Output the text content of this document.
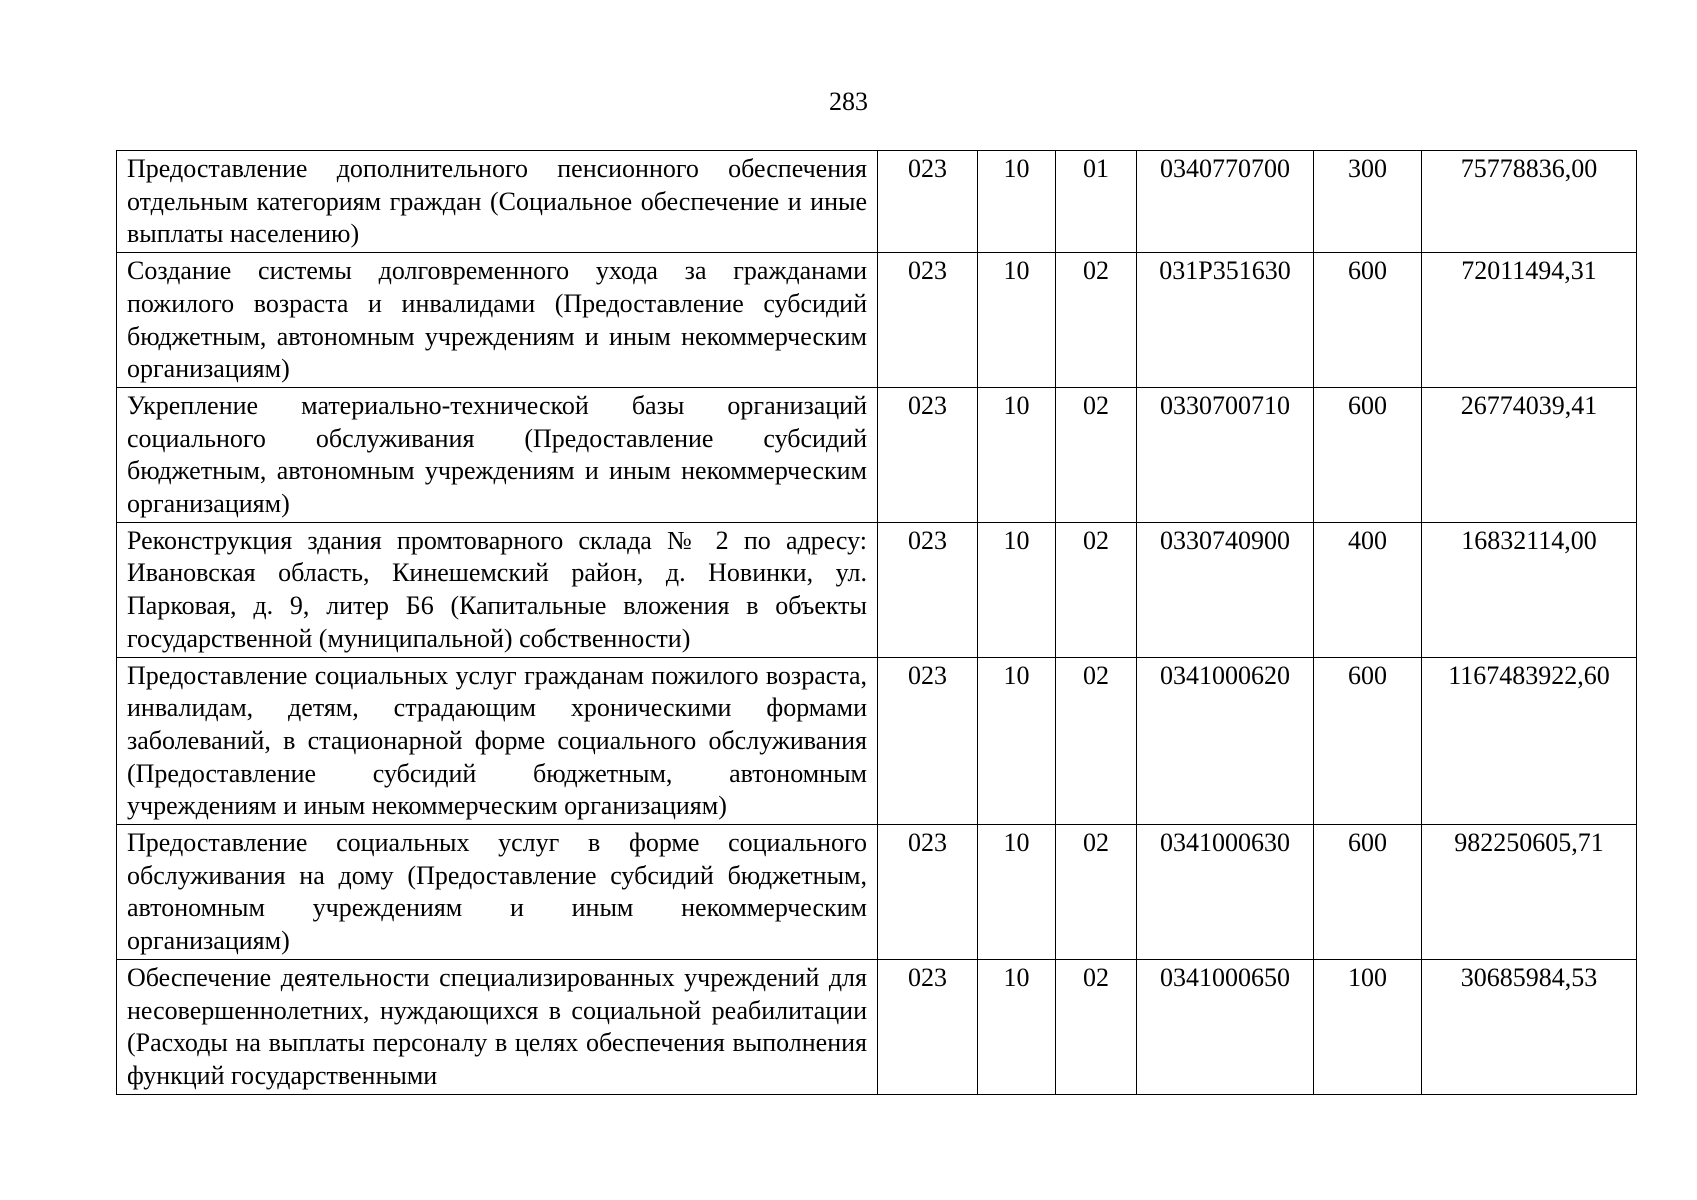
283
Предоставление дополнительного пенсионного обеспечения отдельным категориям граждан (Социальное обеспечение и иные выплаты населению)	023	10	01	0340770700	300	75778836,00
Создание системы долговременного ухода за гражданами пожилого возраста и инвалидами (Предоставление субсидий бюджетным, автономным учреждениям и иным некоммерческим организациям)	023	10	02	031P351630	600	72011494,31
Укрепление материально-технической базы организаций социального обслуживания (Предоставление субсидий бюджетным, автономным учреждениям и иным некоммерческим организациям)	023	10	02	0330700710	600	26774039,41
Реконструкция здания промтоварного склада № 2 по адресу: Ивановская область, Кинешемский район, д. Новинки, ул. Парковая, д. 9, литер Б6 (Капитальные вложения в объекты государственной (муниципальной) собственности)	023	10	02	0330740900	400	16832114,00
Предоставление социальных услуг гражданам пожилого возраста, инвалидам, детям, страдающим хроническими формами заболеваний, в стационарной форме социального обслуживания (Предоставление субсидий бюджетным, автономным учреждениям и иным некоммерческим организациям)	023	10	02	0341000620	600	1167483922,60
Предоставление социальных услуг в форме социального обслуживания на дому (Предоставление субсидий бюджетным, автономным учреждениям и иным некоммерческим организациям)	023	10	02	0341000630	600	982250605,71
Обеспечение деятельности специализированных учреждений для несовершеннолетних, нуждающихся в социальной реабилитации (Расходы на выплаты персоналу в целях обеспечения выполнения функций государственными	023	10	02	0341000650	100	30685984,53
